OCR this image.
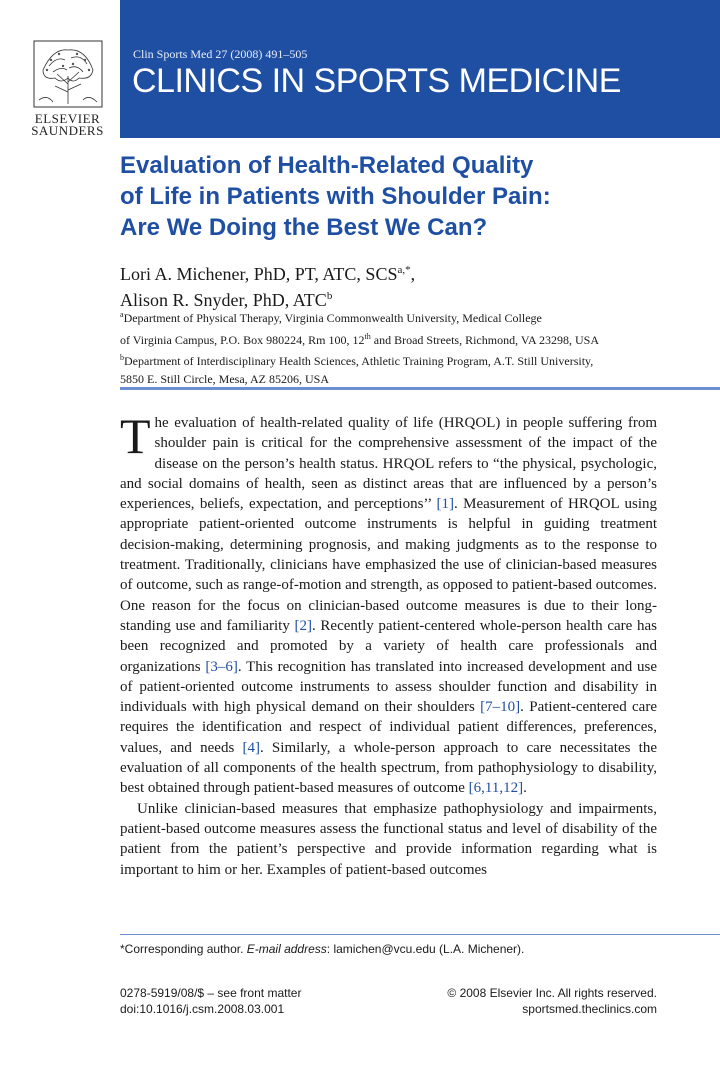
ELSEVIER
SAUNDERS
Clin Sports Med 27 (2008) 491–505
CLINICS IN SPORTS MEDICINE
Evaluation of Health-Related Quality
of Life in Patients with Shoulder Pain:
Are We Doing the Best We Can?
Lori A. Michener, PhD, PT, ATC, $SCS^{a,*}$,
Alison R. Snyder, PhD, ATC$^b$
$^a$Department of Physical Therapy, Virginia Commonwealth University, Medical College
of Virginia Campus, P.O. Box 980224, Rm 100, 12th and Broad Streets, Richmond, VA 23298, USA
$^b$Department of Interdisciplinary Health Sciences, Athletic Training Program, A.T. Still University,
5850 E. Still Circle, Mesa, AZ 85206, USA

The evaluation of health-related quality of life (HRQOL) in people suffering from shoulder pain is critical for the comprehensive assessment of the impact of the disease on the person’s health status. HRQOL refers to “the physical, psychologic, and social domains of health, seen as distinct areas that are influenced by a person’s experiences, beliefs, expectation, and perceptions’’ [1]. Measurement of HRQOL using appropriate patient-oriented outcome instruments is helpful in guiding treatment decision-making, determining prognosis, and making judgments as to the response to treatment. Traditionally, clinicians have emphasized the use of clinician-based measures of outcome, such as range-of-motion and strength, as opposed to patient-based outcomes. One reason for the focus on clinician-based outcome measures is due to their long-standing use and familiarity [2]. Recently patient-centered whole-person health care has been recognized and promoted by a variety of health care professionals and organizations [3–6]. This recognition has translated into increased development and use of patient-oriented outcome instruments to assess shoulder function and disability in individuals with high physical demand on their shoulders [7–10]. Patient-centered care requires the identification and respect of individual patient differences, preferences, values, and needs [4]. Similarly, a whole-person approach to care necessitates the evaluation of all components of the health spectrum, from pathophysiology to disability, best obtained through patient-based measures of outcome [6,11,12].

Unlike clinician-based measures that emphasize pathophysiology and impairments, patient-based outcome measures assess the functional status and level of disability of the patient from the patient’s perspective and provide information regarding what is important to him or her. Examples of patient-based outcomes

*Corresponding author. E-mail address: lamichen@vcu.edu (L.A. Michener).
0278-5919/08/$ – see front matter
doi:10.1016/j.csm.2008.03.001
© 2008 Elsevier Inc. All rights reserved.
sportsmed.theclinics.com
